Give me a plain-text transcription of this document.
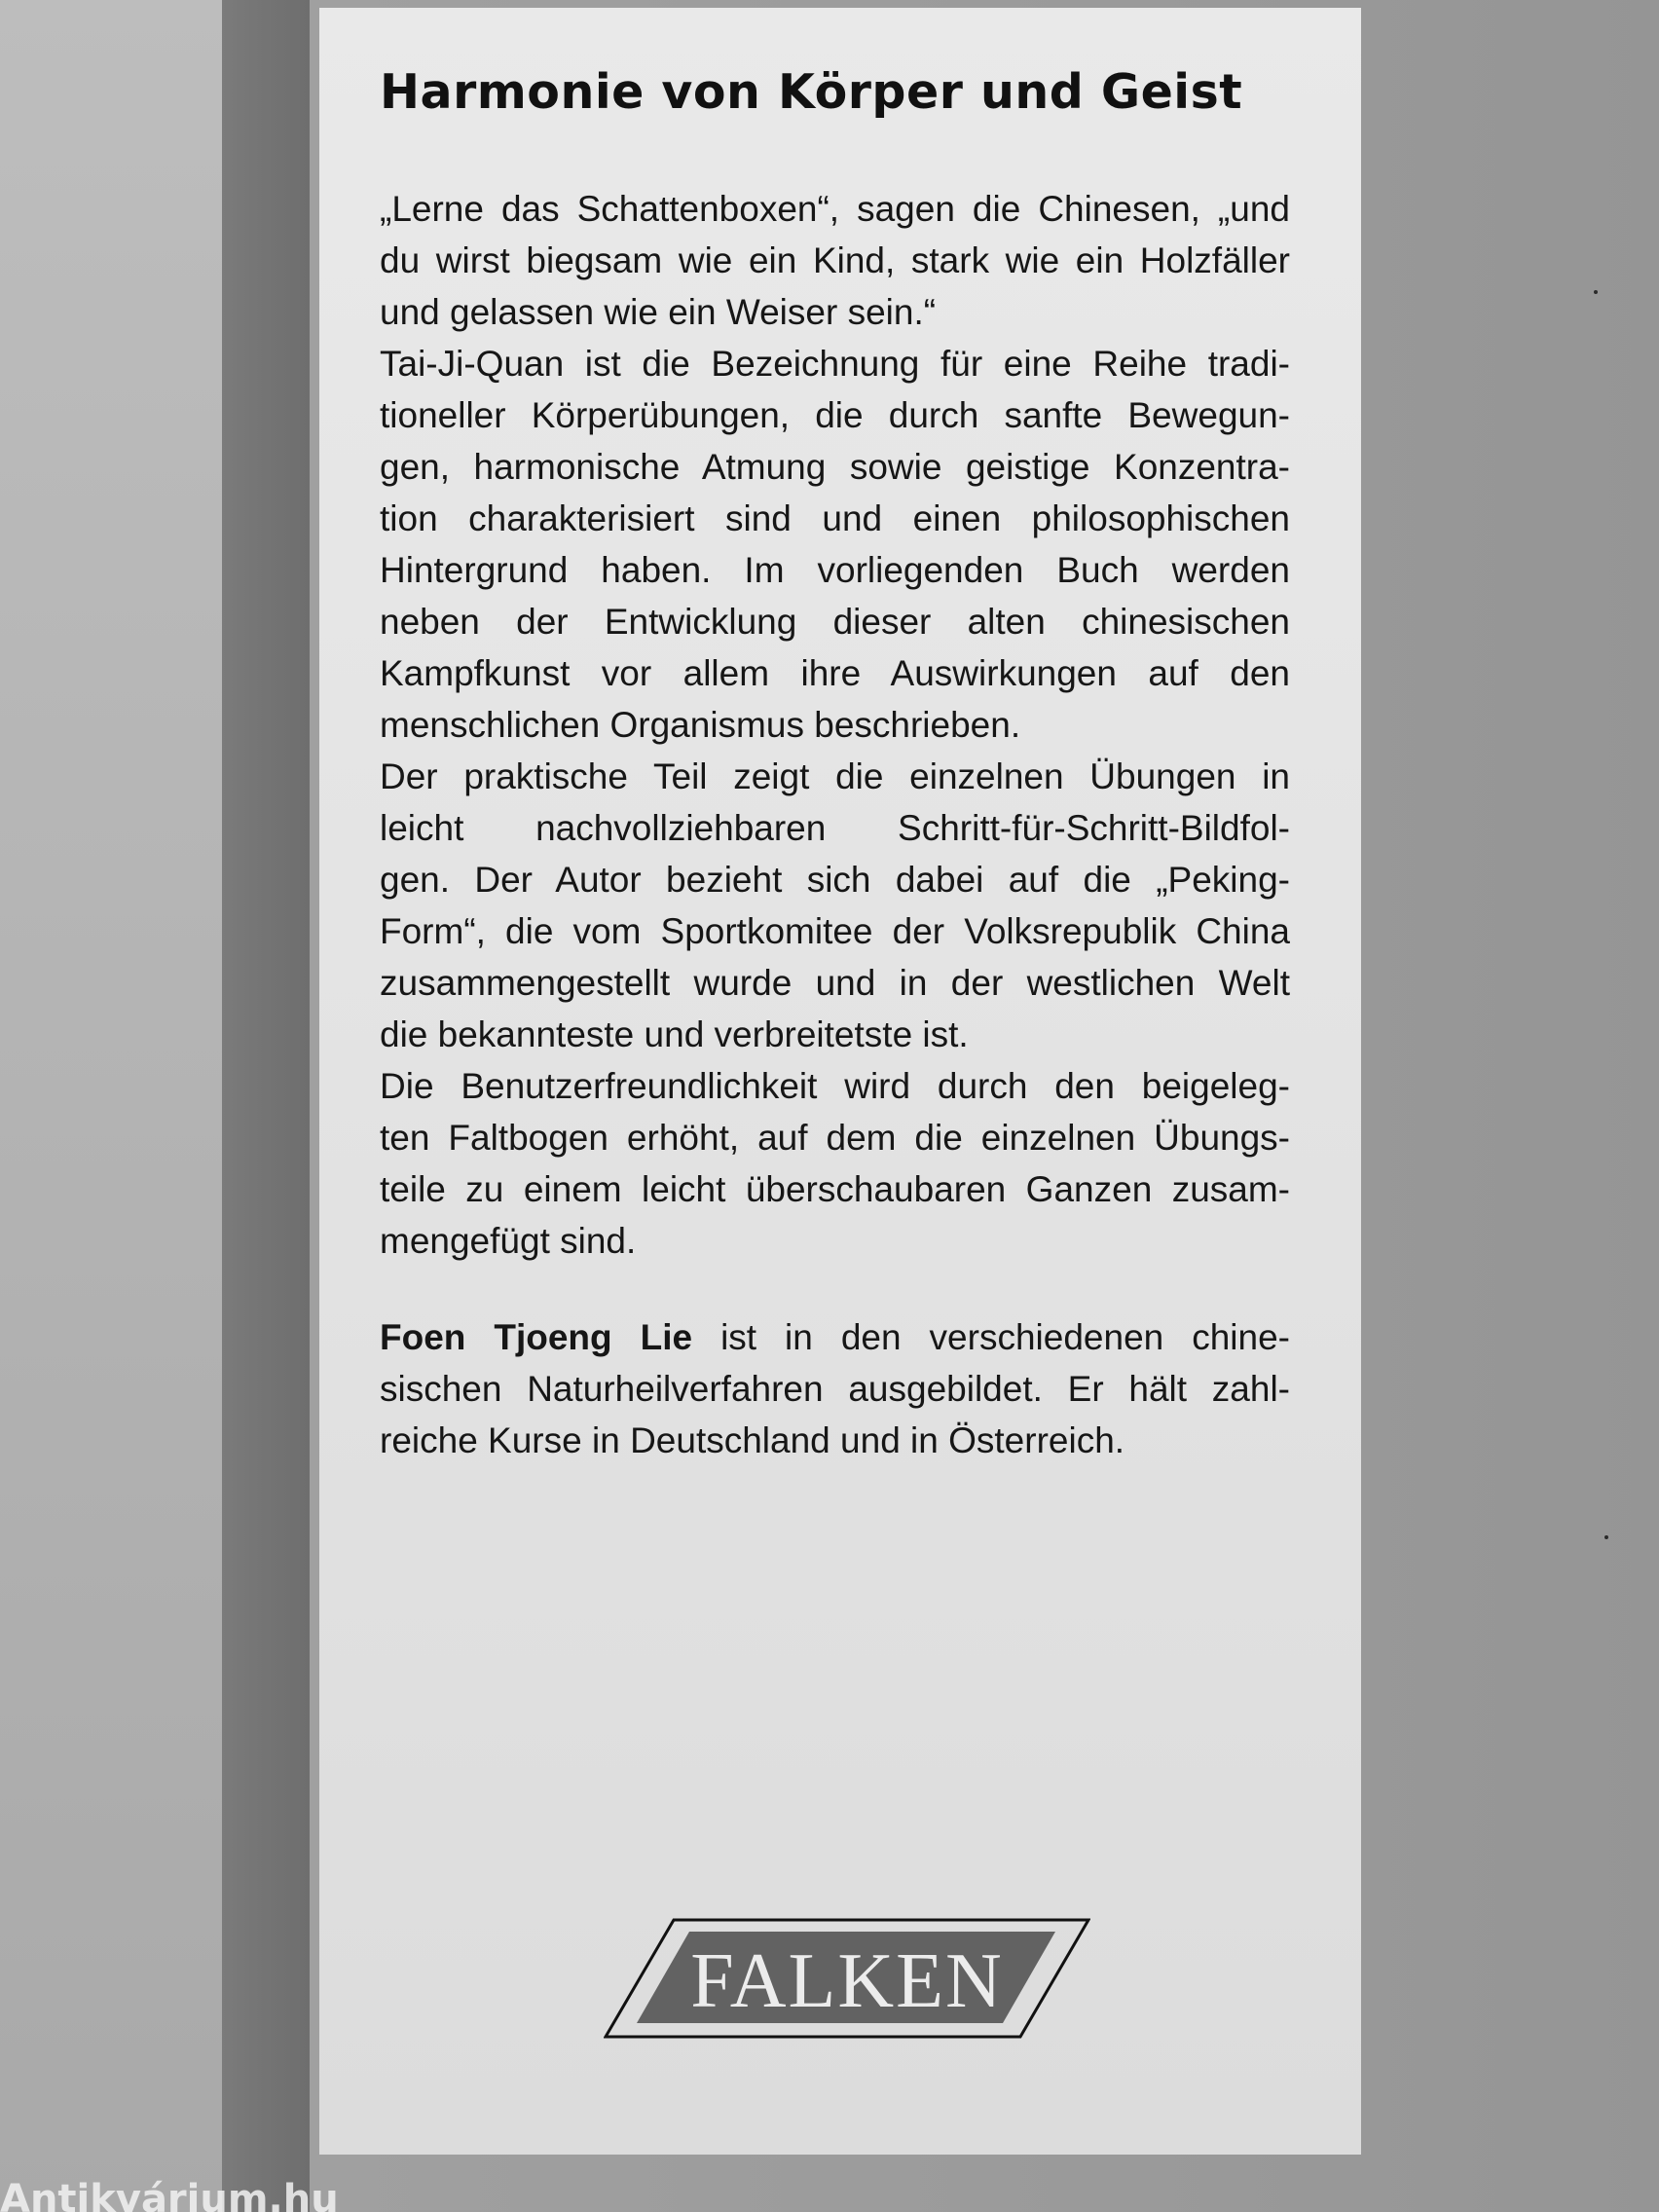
Harmonie von Körper und Geist
„Lerne das Schattenboxen“, sagen die Chinesen, „und
du wirst biegsam wie ein Kind, stark wie ein Holzfäller
und gelassen wie ein Weiser sein.“
Tai-Ji-Quan ist die Bezeichnung für eine Reihe tradi-
tioneller Körperübungen, die durch sanfte Bewegun-
gen, harmonische Atmung sowie geistige Konzentra-
tion charakterisiert sind und einen philosophischen
Hintergrund haben. Im vorliegenden Buch werden
neben der Entwicklung dieser alten chinesischen
Kampfkunst vor allem ihre Auswirkungen auf den
menschlichen Organismus beschrieben.
Der praktische Teil zeigt die einzelnen Übungen in
leicht nachvollziehbaren Schritt-für-Schritt-Bildfol-
gen. Der Autor bezieht sich dabei auf die „Peking-
Form“, die vom Sportkomitee der Volksrepublik China
zusammengestellt wurde und in der westlichen Welt
die bekannteste und verbreitetste ist.
Die Benutzerfreundlichkeit wird durch den beigeleg-
ten Faltbogen erhöht, auf dem die einzelnen Übungs-
teile zu einem leicht überschaubaren Ganzen zusam-
mengefügt sind.
Foen Tjoeng Lie ist in den verschiedenen chine-
sischen Naturheilverfahren ausgebildet. Er hält zahl-
reiche Kurse in Deutschland und in Österreich.
FALKEN
Antikvárium.hu
